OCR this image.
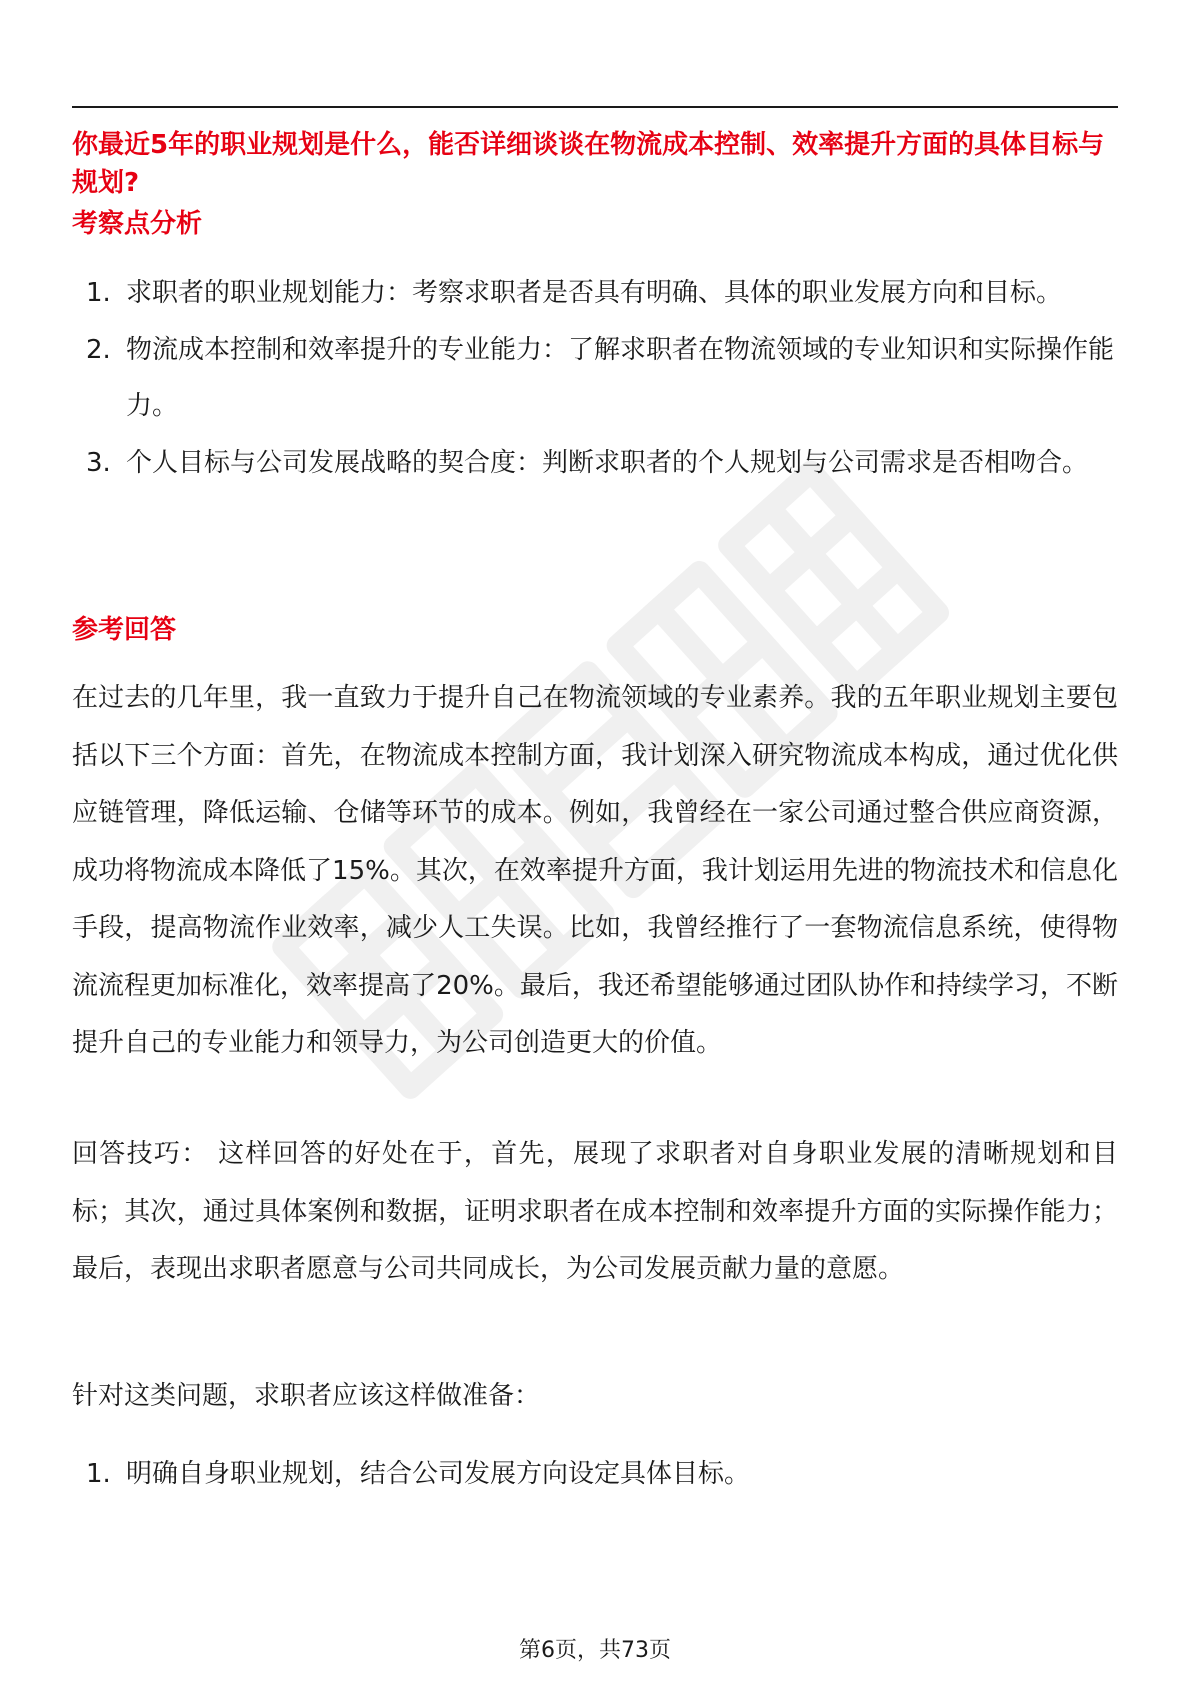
你最近5年的职业规划是什么，能否详细谈谈在物流成本控制、效率提升方面的具体目标与规划?
考察点分析
1. 求职者的职业规划能力：考察求职者是否具有明确、具体的职业发展方向和目标。
2. 物流成本控制和效率提升的专业能力：了解求职者在物流领域的专业知识和实际操作能力。
3. 个人目标与公司发展战略的契合度：判断求职者的个人规划与公司需求是否相吻合。
参考回答

在过去的几年里，我一直致力于提升自己在物流领域的专业素养。我的五年职业规划主要包括以下三个方面：首先，在物流成本控制方面，我计划深入研究物流成本构成，通过优化供应链管理，降低运输、仓储等环节的成本。例如，我曾经在一家公司通过整合供应商资源，成功将物流成本降低了15%。其次，在效率提升方面，我计划运用先进的物流技术和信息化手段，提高物流作业效率，减少人工失误。比如，我曾经推行了一套物流信息系统，使得物流流程更加标准化，效率提高了20%。最后，我还希望能够通过团队协作和持续学习，不断提升自己的专业能力和领导力，为公司创造更大的价值。

回答技巧： 这样回答的好处在于，首先，展现了求职者对自身职业发展的清晰规划和目标；其次，通过具体案例和数据，证明求职者在成本控制和效率提升方面的实际操作能力；最后，表现出求职者愿意与公司共同成长，为公司发展贡献力量的意愿。

针对这类问题，求职者应该这样做准备：

1. 明确自身职业规划，结合公司发展方向设定具体目标。
第6页，共73页
